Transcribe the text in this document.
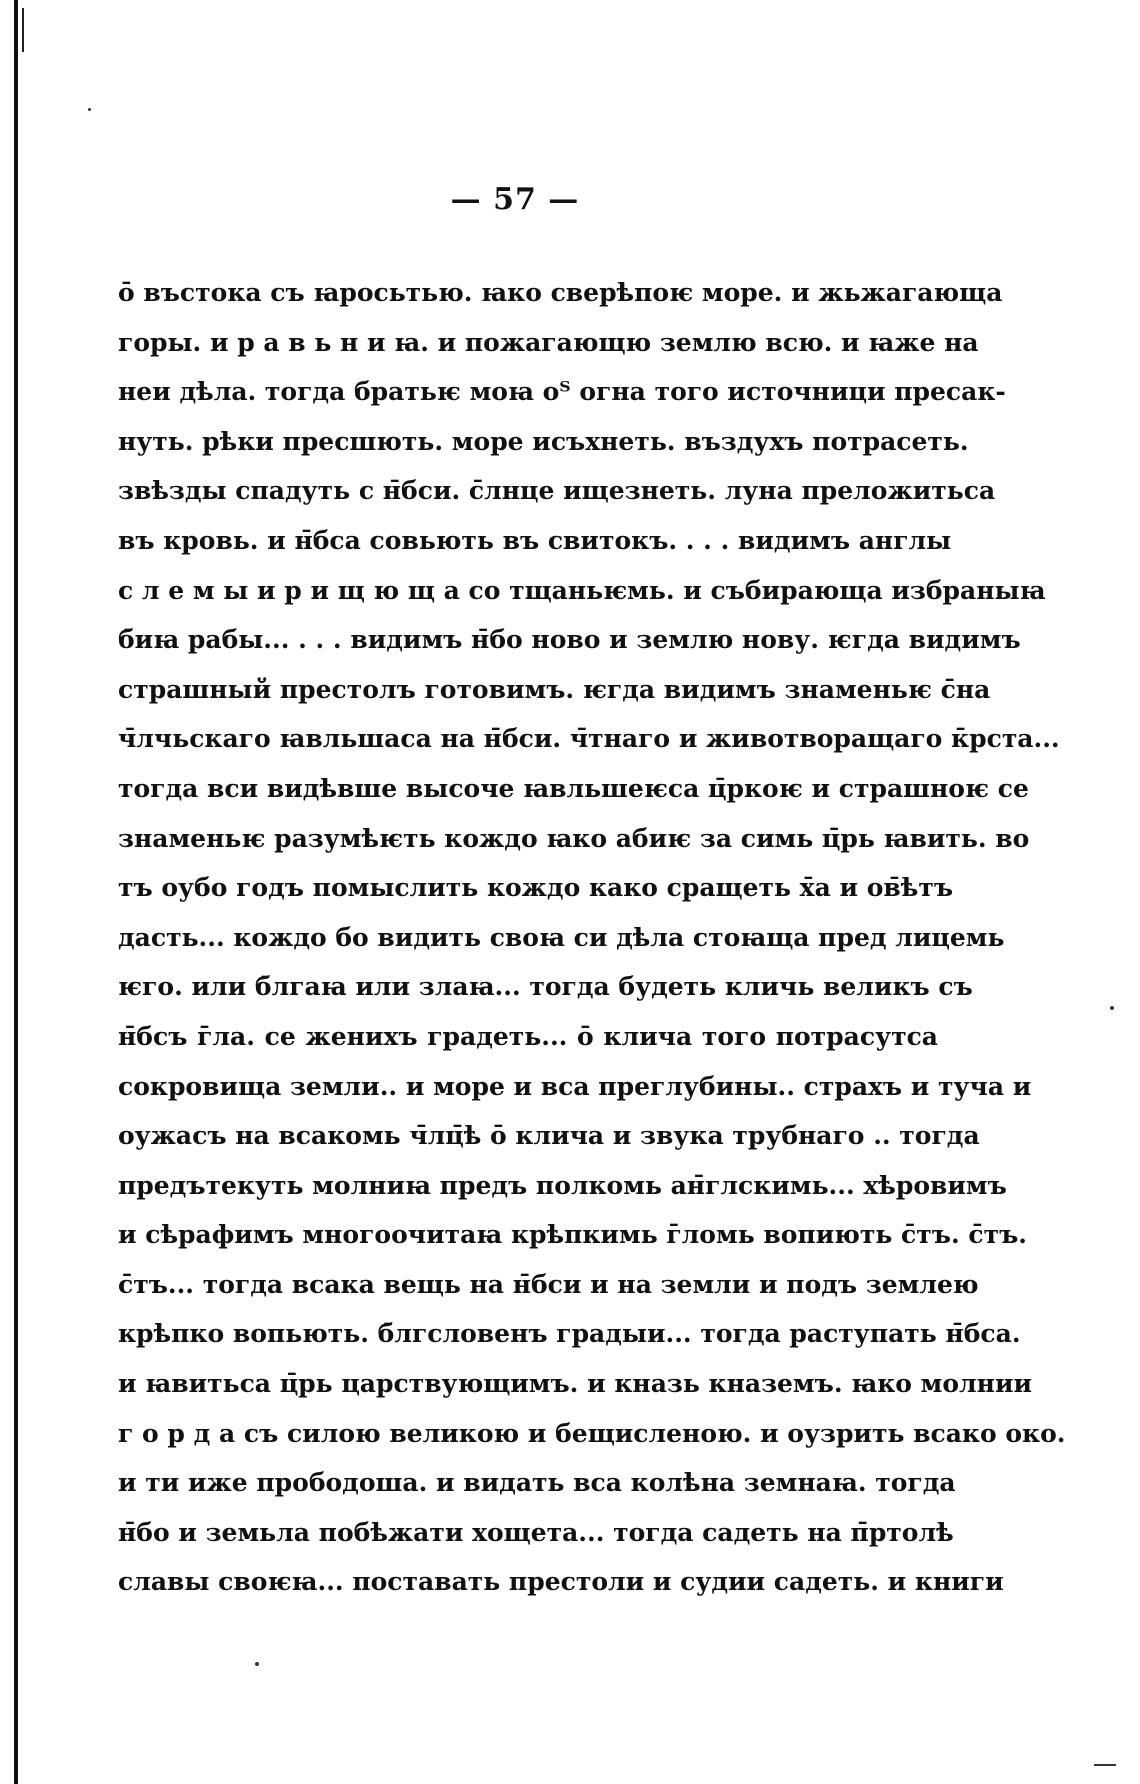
— 57 —
о̄ въстока съ ꙗросьтью. ꙗко сверѣпоѥ море. и жьжагающа
горы. и р а в ь н и ꙗ. и пожагающю землю всю. и ꙗже на
неи дѣла. тогда братьѥ моꙗ оᵀ огна того источници пресак-
нуть. рѣки пресшють. море исъхнеть. въздухъ потрасеть.
звѣзды спадуть с н̄бси. с̄лнце ищезнеть. луна преложитьса
въ кровь. и н̄бса совьють въ свитокъ. . . . видимъ англы
с л е м ы и р и щ ю щ а со тщаньѥмь. и събирающа избраныꙗ
б̄иꙗ рабы... . . . видимъ н̄бо ново и землю нову. ѥгда видимъ
страшный престолъ готовимъ. ѥгда видимъ знаменьѥ с̄на
ч̄лчьскаго ꙗвльшаса на н̄бси. ч̄тнаго и животворащаго к̄рста...
тогда вси видѣвше высоче ꙗвльшеѥса ц̄ркоѥ и страшноѥ се
знаменьѥ разумѣѥть кождо ꙗко абиѥ за симь ц̄рь ꙗвить. во
тъ оубо годъ помыслить кождо како сращеть х̄а и ов̄ѣтъ
дасть... кождо бо видить своꙗ си дѣла стоꙗща пред лицемь
ѥго. или б̄лгаꙗ или злаꙗ... тогда будеть кличь великъ съ
н̄бсъ г̄ла. се женихъ градеть... о̄ клича того потрасутса
сокровища земли.. и море и вса преглубины.. страхъ и туча и
оужасъ на всакомь ч̄лц̄ѣ о̄ клича и звука трубнаго .. тогда
предътекуть молниꙗ предъ полкомь ан̄глскимь... хѣровимъ
и сѣрафимъ многоочитаꙗ крѣпкимь г̄ломь вопиють с̄тъ. с̄тъ.
с̄тъ... тогда всака вещь на н̄бси и на земли и подъ землею
крѣпко вопьють. б̄лгсловенъ градыи... тогда раступать н̄бса.
и ꙗвитьса ц̄рь царствующимъ. и кназь кназемъ. ꙗко молнии
г о р д а съ силою великою и бещисленою. и оузрить всако око.
и ти иже прободоша. и видать вса колѣна земнаꙗ. тогда
н̄бо и земьла побѣжати хощета... тогда садеть на п̄ртолѣ
славы своѥꙗ... поставать престоли и судии садеть. и книги
